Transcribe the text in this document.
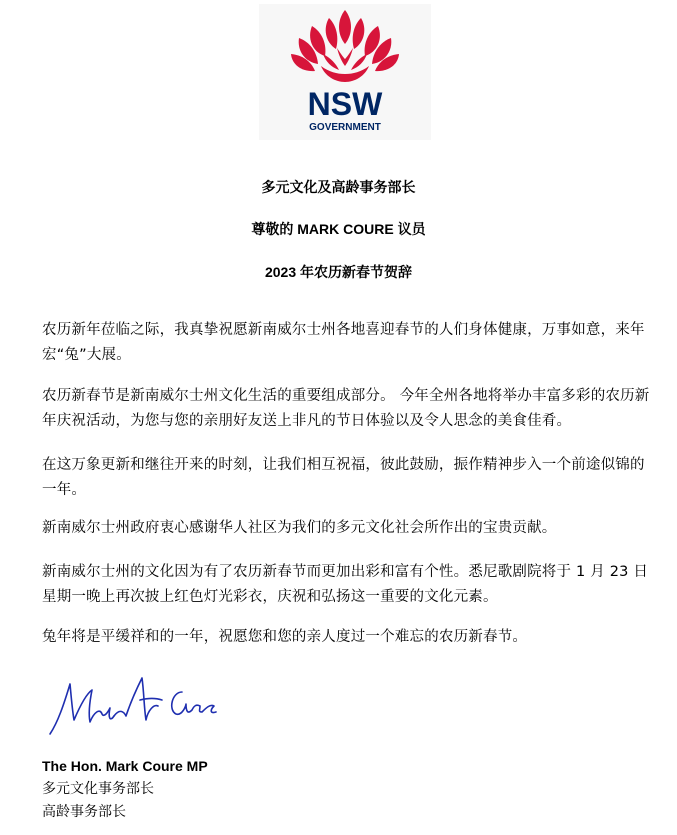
NSW
GOVERNMENT
多元文化及高龄事务部长
尊敬的 MARK COURE 议员
2023 年农历新春节贺辞

农历新年莅临之际，我真挚祝愿新南威尔士州各地喜迎春节的人们身体健康，万事如意，来年宏“兔”大展。

农历新春节是新南威尔士州文化生活的重要组成部分。 今年全州各地将举办丰富多彩的农历新年庆祝活动，为您与您的亲朋好友送上非凡的节日体验以及令人思念的美食佳肴。

在这万象更新和继往开来的时刻，让我们相互祝福，彼此鼓励，振作精神步入一个前途似锦的一年。

新南威尔士州政府衷心感谢华人社区为我们的多元文化社会所作出的宝贵贡献。

新南威尔士州的文化因为有了农历新春节而更加出彩和富有个性。悉尼歌剧院将于 1 月 23 日星期一晚上再次披上红色灯光彩衣，庆祝和弘扬这一重要的文化元素。

兔年将是平缓祥和的一年，祝愿您和您的亲人度过一个难忘的农历新春节。

The Hon. Mark Coure MP
多元文化事务部长
高龄事务部长
